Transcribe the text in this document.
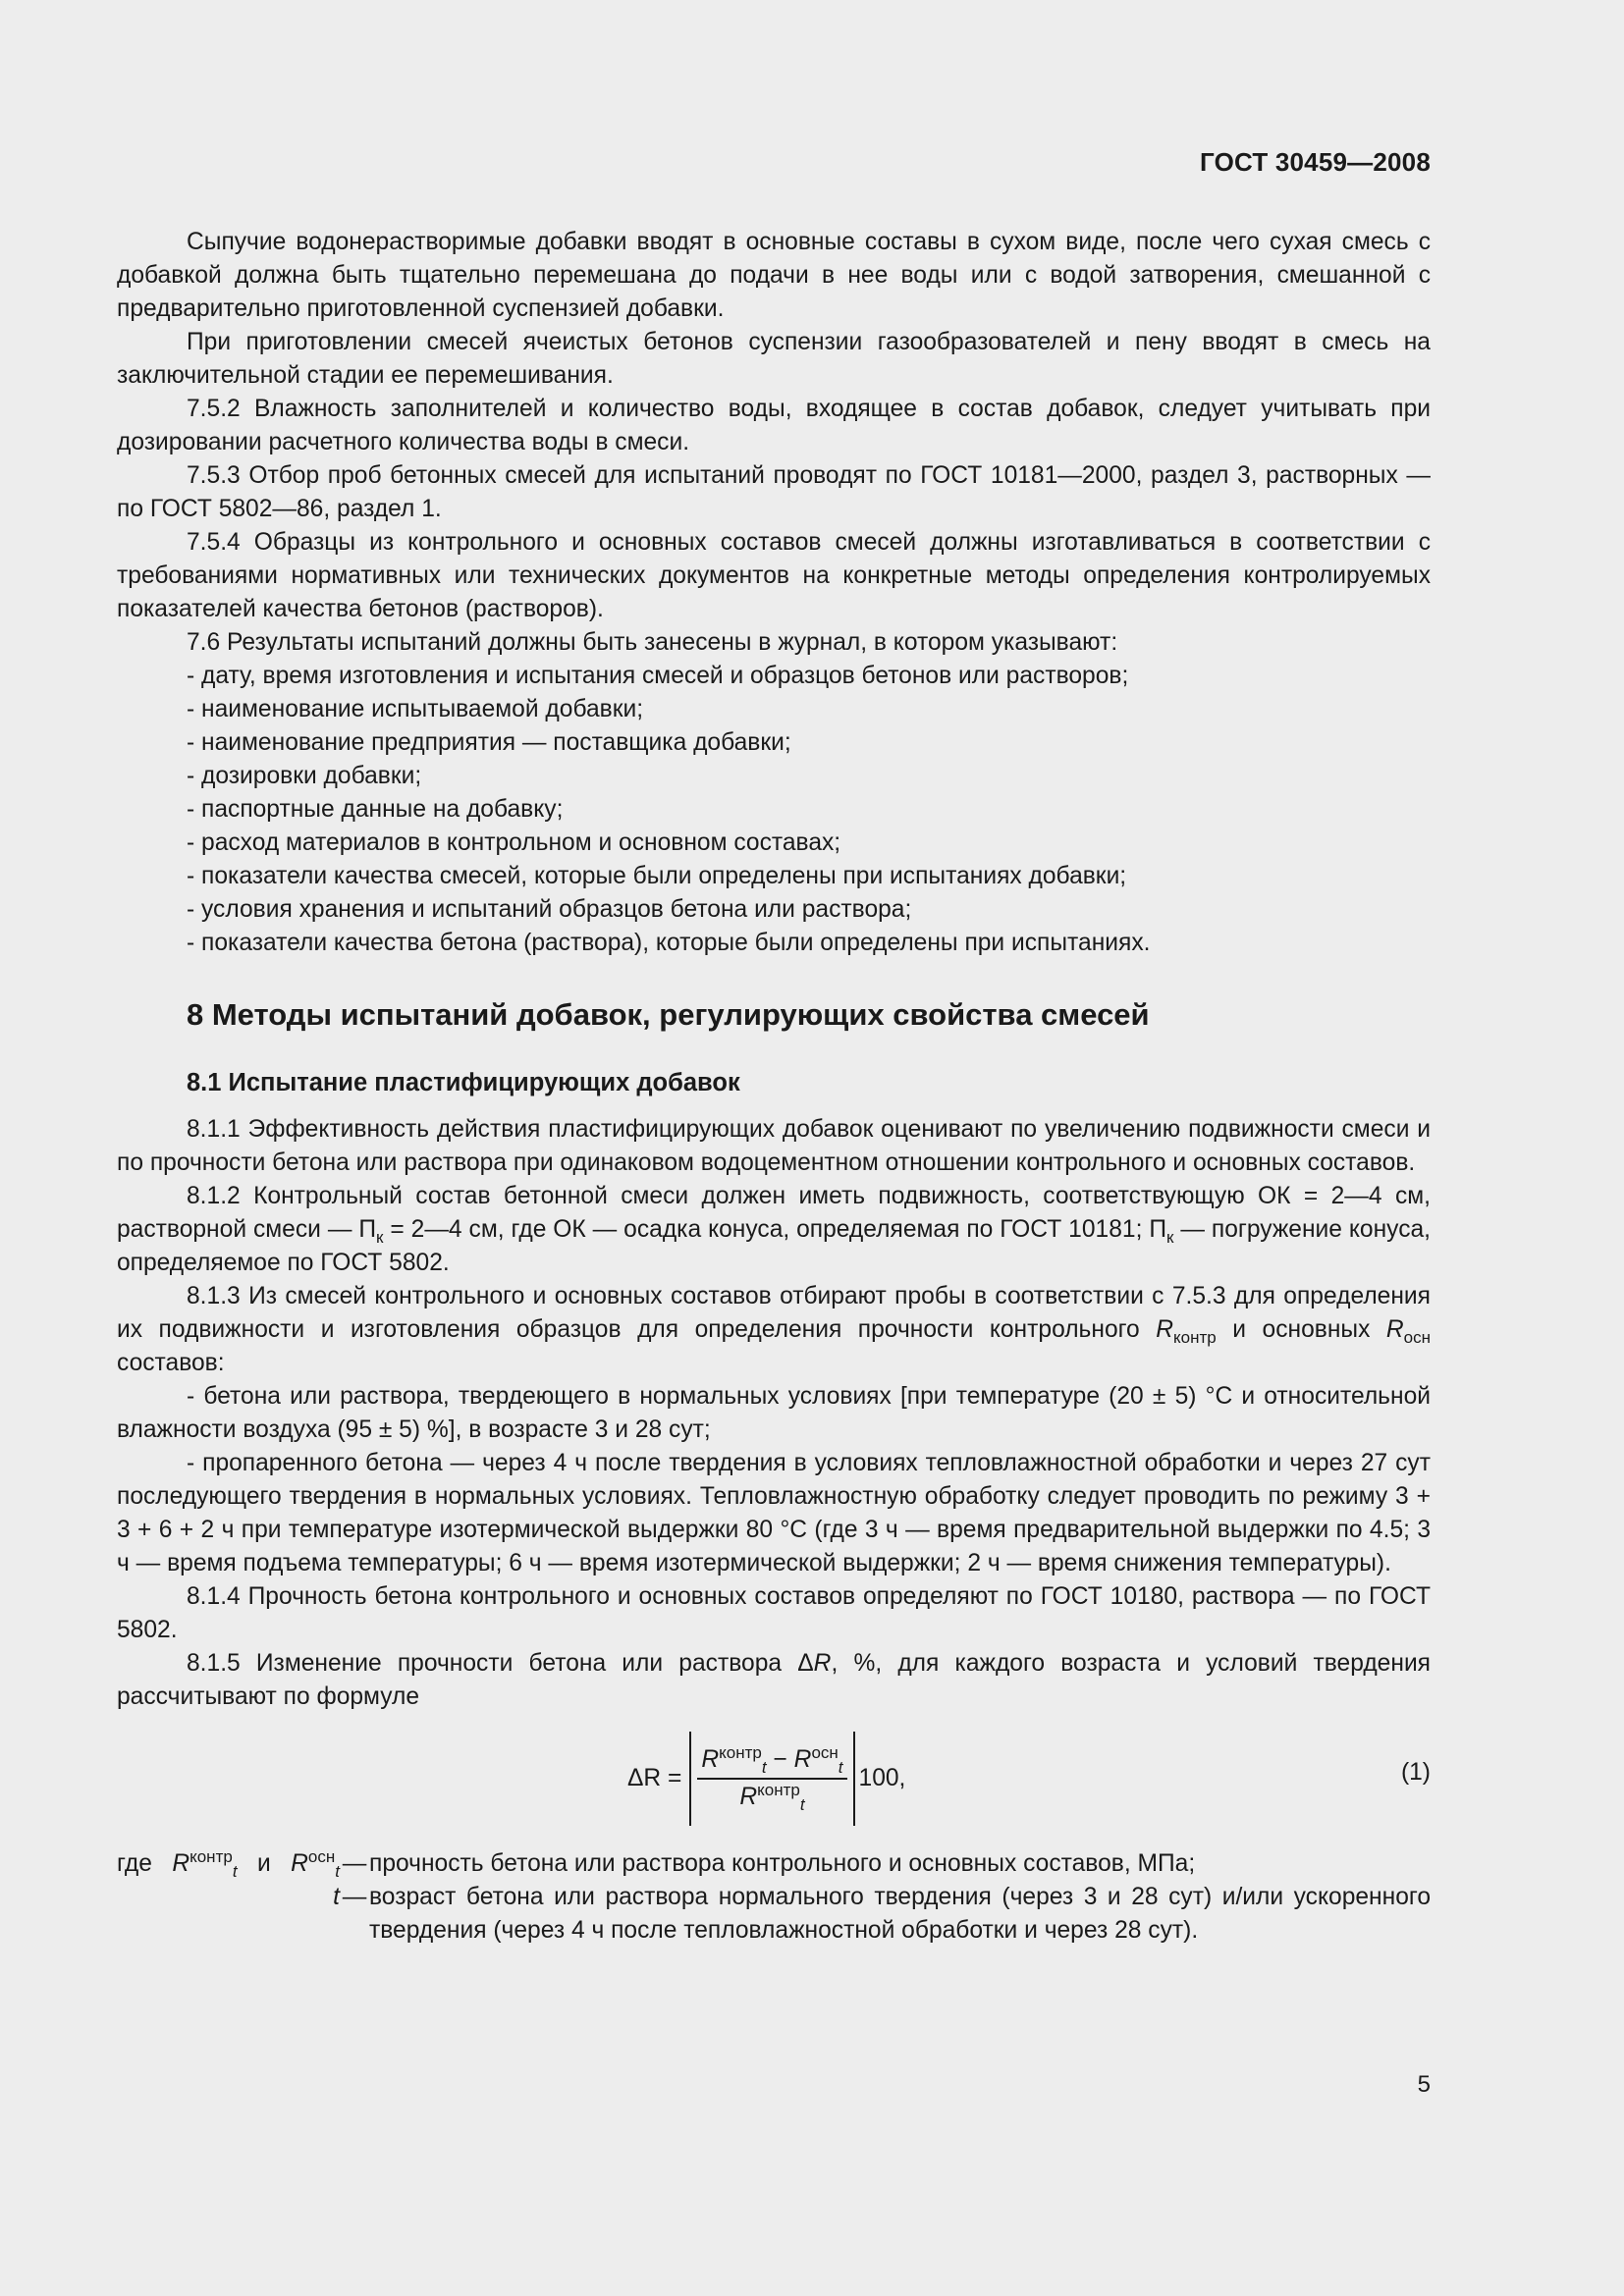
ГОСТ 30459—2008

Сыпучие водонерастворимые добавки вводят в основные составы в сухом виде, после чего сухая смесь с добавкой должна быть тщательно перемешана до подачи в нее воды или с водой затворения, смешанной с предварительно приготовленной суспензией добавки.

При приготовлении смесей ячеистых бетонов суспензии газообразователей и пену вводят в смесь на заключительной стадии ее перемешивания.

7.5.2 Влажность заполнителей и количество воды, входящее в состав добавок, следует учитывать при дозировании расчетного количества воды в смеси.

7.5.3 Отбор проб бетонных смесей для испытаний проводят по ГОСТ 10181—2000, раздел 3, растворных — по ГОСТ 5802—86, раздел 1.

7.5.4 Образцы из контрольного и основных составов смесей должны изготавливаться в соответствии с требованиями нормативных или технических документов на конкретные методы определения контролируемых показателей качества бетонов (растворов).

7.6 Результаты испытаний должны быть занесены в журнал, в котором указывают:

- дату, время изготовления и испытания смесей и образцов бетонов или растворов;

- наименование испытываемой добавки;

- наименование предприятия — поставщика добавки;

- дозировки добавки;

- паспортные данные на добавку;

- расход материалов в контрольном и основном составах;

- показатели качества смесей, которые были определены при испытаниях добавки;

- условия хранения и испытаний образцов бетона или раствора;

- показатели качества бетона (раствора), которые были определены при испытаниях.

8 Методы испытаний добавок, регулирующих свойства смесей
8.1 Испытание пластифицирующих добавок

8.1.1 Эффективность действия пластифицирующих добавок оценивают по увеличению подвижности смеси и по прочности бетона или раствора при одинаковом водоцементном отношении контрольного и основных составов.

8.1.2 Контрольный состав бетонной смеси должен иметь подвижность, соответствующую ОК = 2—4 см, растворной смеси — $П_к$ = 2—4 см, где ОК — осадка конуса, определяемая по ГОСТ 10181; $П_к$ — погружение конуса, определяемое по ГОСТ 5802.

8.1.3 Из смесей контрольного и основных составов отбирают пробы в соответствии с 7.5.3 для определения их подвижности и изготовления образцов для определения прочности контрольного $R_{контр}$ и основных $R_{осн}$ составов:

- бетона или раствора, твердеющего в нормальных условиях [при температуре (20 ± 5) °С и относительной влажности воздуха (95 ± 5) %], в возрасте 3 и 28 сут;

- пропаренного бетона — через 4 ч после твердения в условиях тепловлажностной обработки и через 27 сут последующего твердения в нормальных условиях. Тепловлажностную обработку следует проводить по режиму 3 + 3 + 6 + 2 ч при температуре изотермической выдержки 80 °С (где 3 ч — время предварительной выдержки по 4.5; 3 ч — время подъема температуры; 6 ч — время изотермической выдержки; 2 ч — время снижения температуры).

8.1.4 Прочность бетона контрольного и основных составов определяют по ГОСТ 10180, раствора — по ГОСТ 5802.

8.1.5 Изменение прочности бетона или раствора ΔR, %, для каждого возраста и условий твердения рассчитывают по формуле

$\Delta R = \frac{R^{контр}_t - R^{осн}_t}{R^{контр}_t} 100$,	(1)
где $R^{контр}_t$ и $R^{осн}_t$ — прочность бетона или раствора контрольного и основных составов, МПа;
t — возраст бетона или раствора нормального твердения (через 3 и 28 сут) и/или ускоренного твердения (через 4 ч после тепловлажностной обработки и через 28 сут).
5
